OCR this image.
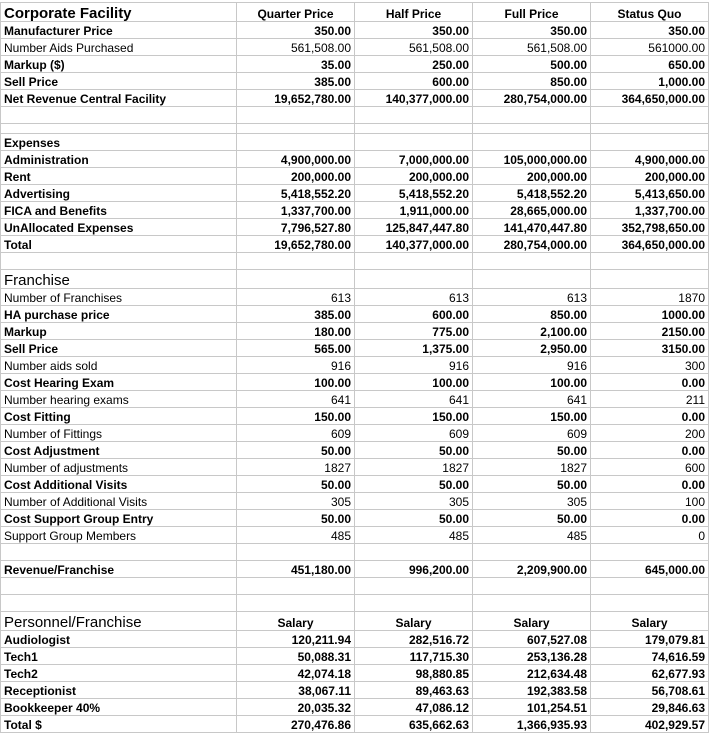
Corporate Facility	Quarter Price	Half Price	Full Price	Status Quo
Manufacturer Price	350.00	350.00	350.00	350.00
Number Aids Purchased	561,508.00	561,508.00	561,508.00	561000.00
Markup ($)	35.00	250.00	500.00	650.00
Sell Price	385.00	600.00	850.00	1,000.00
Net Revenue Central Facility	19,652,780.00	140,377,000.00	280,754,000.00	364,650,000.00

Expenses				
Administration	4,900,000.00	7,000,000.00	105,000,000.00	4,900,000.00
Rent	200,000.00	200,000.00	200,000.00	200,000.00
Advertising	5,418,552.20	5,418,552.20	5,418,552.20	5,413,650.00
FICA and Benefits	1,337,700.00	1,911,000.00	28,665,000.00	1,337,700.00
UnAllocated Expenses	7,796,527.80	125,847,447.80	141,470,447.80	352,798,650.00
Total	19,652,780.00	140,377,000.00	280,754,000.00	364,650,000.00

Franchise				
Number of Franchises	613	613	613	1870
HA purchase price	385.00	600.00	850.00	1000.00
Markup	180.00	775.00	2,100.00	2150.00
Sell Price	565.00	1,375.00	2,950.00	3150.00
Number aids sold	916	916	916	300
Cost Hearing Exam	100.00	100.00	100.00	0.00
Number hearing exams	641	641	641	211
Cost Fitting	150.00	150.00	150.00	0.00
Number of Fittings	609	609	609	200
Cost Adjustment	50.00	50.00	50.00	0.00
Number of adjustments	1827	1827	1827	600
Cost Additional Visits	50.00	50.00	50.00	0.00
Number of Additional Visits	305	305	305	100
Cost Support Group Entry	50.00	50.00	50.00	0.00
Support Group Members	485	485	485	0

Revenue/Franchise	451,180.00	996,200.00	2,209,900.00	645,000.00

Personnel/Franchise	Salary	Salary	Salary	Salary
Audiologist	120,211.94	282,516.72	607,527.08	179,079.81
Tech1	50,088.31	117,715.30	253,136.28	74,616.59
Tech2	42,074.18	98,880.85	212,634.48	62,677.93
Receptionist	38,067.11	89,463.63	192,383.58	56,708.61
Bookkeeper 40%	20,035.32	47,086.12	101,254.51	29,846.63
Total $	270,476.86	635,662.63	1,366,935.93	402,929.57
